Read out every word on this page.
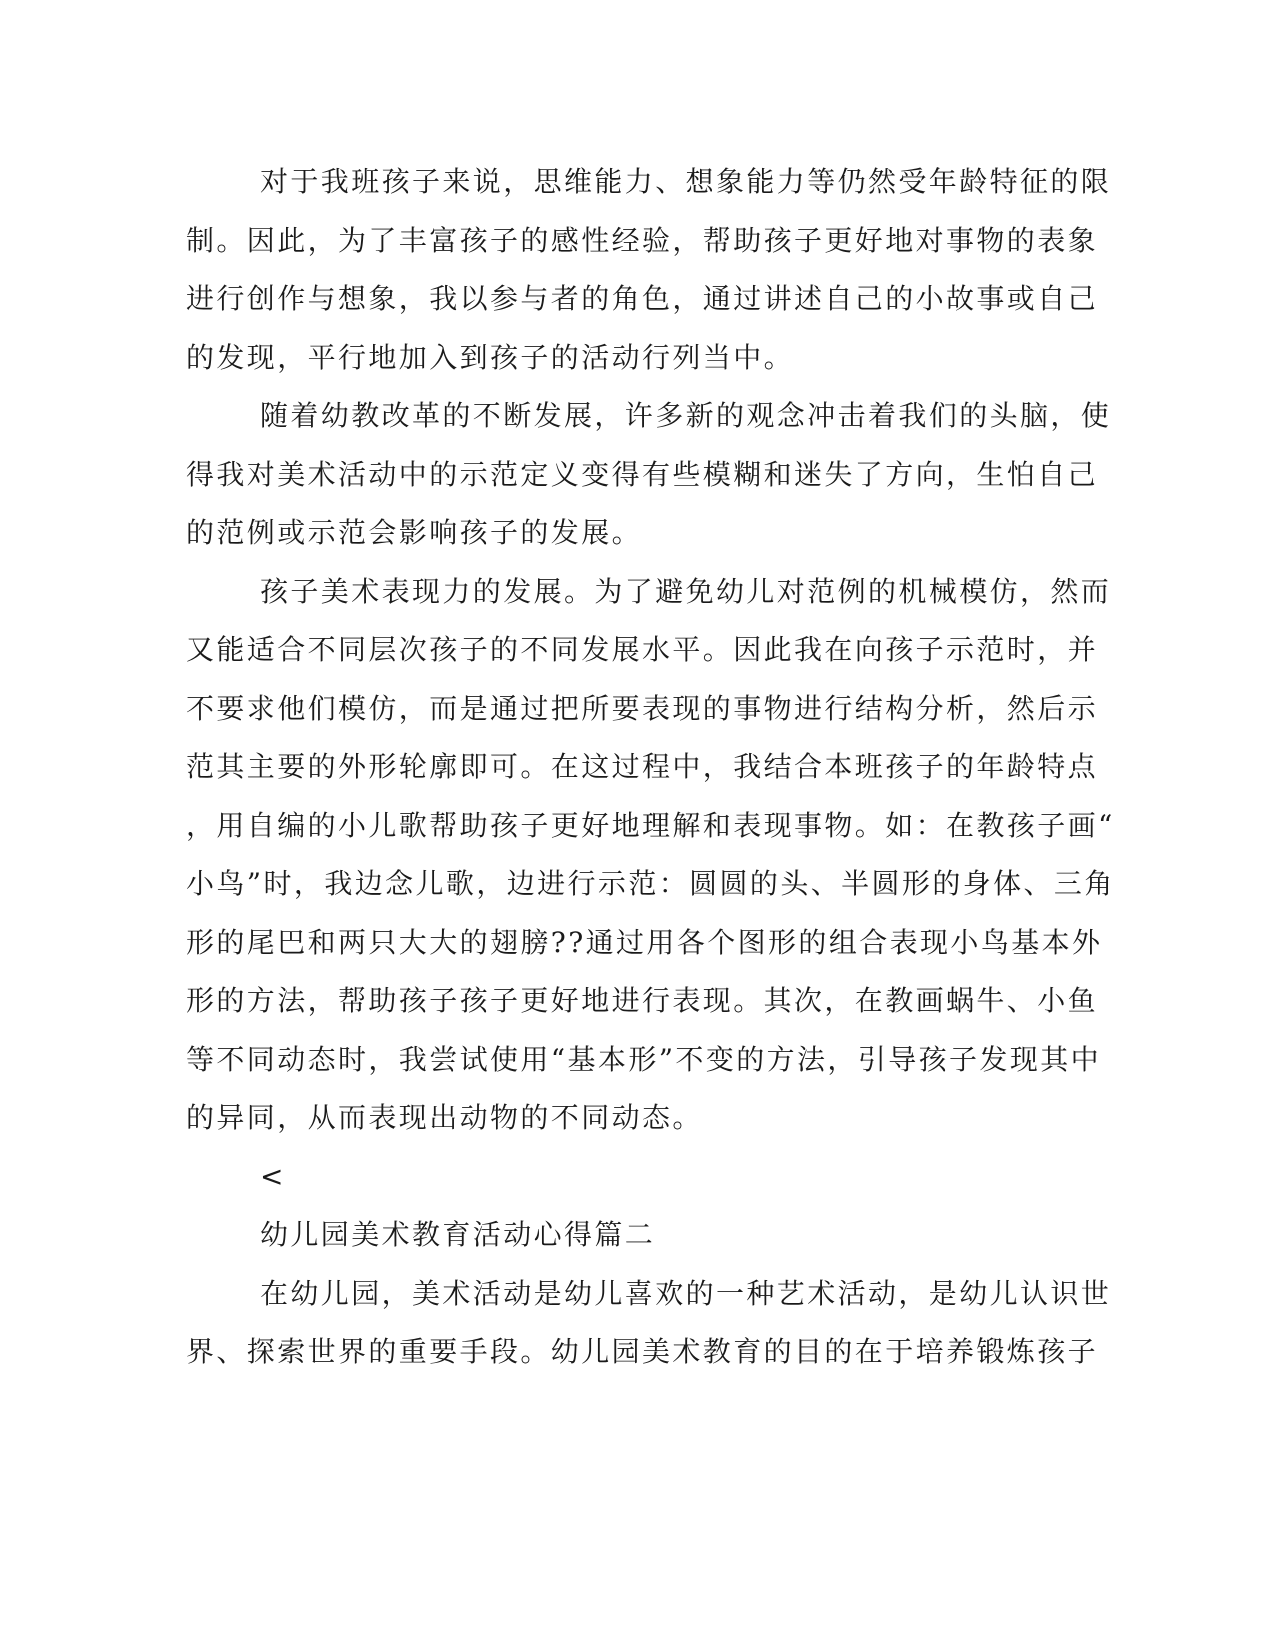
对于我班孩子来说，思维能力、想象能力等仍然受年龄特征的限
制。因此，为了丰富孩子的感性经验，帮助孩子更好地对事物的表象
进行创作与想象，我以参与者的角色，通过讲述自己的小故事或自己
的发现，平行地加入到孩子的活动行列当中。
随着幼教改革的不断发展，许多新的观念冲击着我们的头脑，使
得我对美术活动中的示范定义变得有些模糊和迷失了方向，生怕自己
的范例或示范会影响孩子的发展。
孩子美术表现力的发展。为了避免幼儿对范例的机械模仿，然而
又能适合不同层次孩子的不同发展水平。因此我在向孩子示范时，并
不要求他们模仿，而是通过把所要表现的事物进行结构分析，然后示
范其主要的外形轮廓即可。在这过程中，我结合本班孩子的年龄特点
，用自编的小儿歌帮助孩子更好地理解和表现事物。如：在教孩子画“
小鸟”时，我边念儿歌，边进行示范：圆圆的头、半圆形的身体、三角
形的尾巴和两只大大的翅膀??通过用各个图形的组合表现小鸟基本外
形的方法，帮助孩子孩子更好地进行表现。其次，在教画蜗牛、小鱼
等不同动态时，我尝试使用“基本形”不变的方法，引导孩子发现其中
的异同，从而表现出动物的不同动态。
<
幼儿园美术教育活动心得篇二
在幼儿园，美术活动是幼儿喜欢的一种艺术活动，是幼儿认识世
界、探索世界的重要手段。幼儿园美术教育的目的在于培养锻炼孩子
